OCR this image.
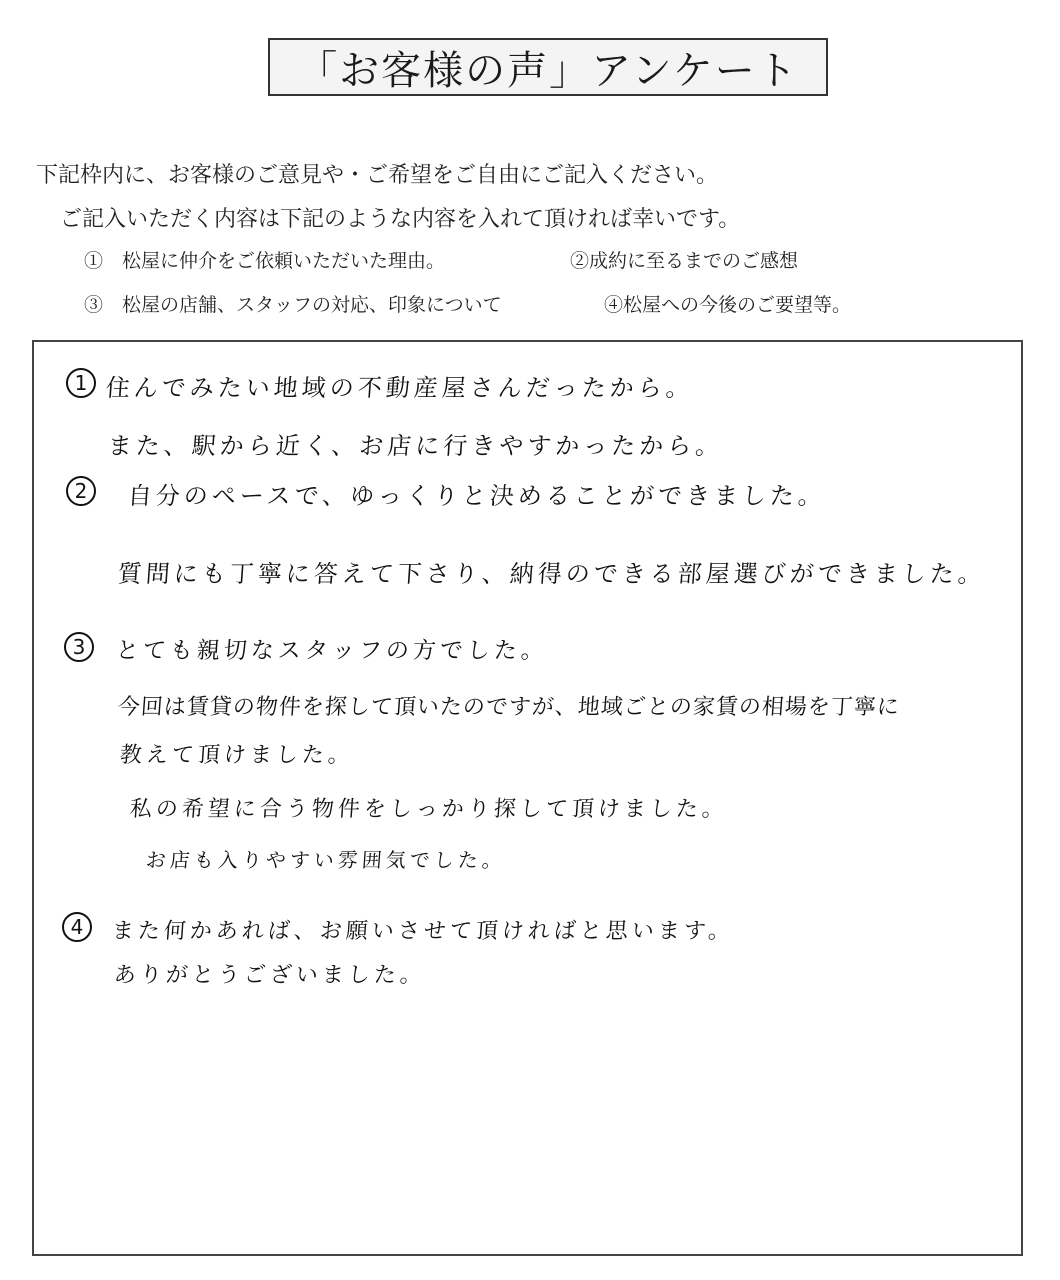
「お客様の声」アンケート
下記枠内に、お客様のご意見や・ご希望をご自由にご記入ください。
ご記入いただく内容は下記のような内容を入れて頂ければ幸いです。
①　松屋に仲介をご依頼いただいた理由。	②成約に至るまでのご感想
③　松屋の店舗、スタッフの対応、印象について	④松屋への今後のご要望等。
1 住んでみたい地域の不動産屋さんだったから。
また、駅から近く、お店に行きやすかったから。
2	自分のペースで、ゆっくりと決めることができました。
質問にも丁寧に答えて下さり、納得のできる部屋選びができました。
3	とても親切なスタッフの方でした。
今回は賃貸の物件を探して頂いたのですが、地域ごとの家賃の相場を丁寧に
教えて頂けました。
私の希望に合う物件をしっかり探して頂けました。
お店も入りやすい雰囲気でした。
4	また何かあれば、お願いさせて頂ければと思います。
ありがとうございました。
